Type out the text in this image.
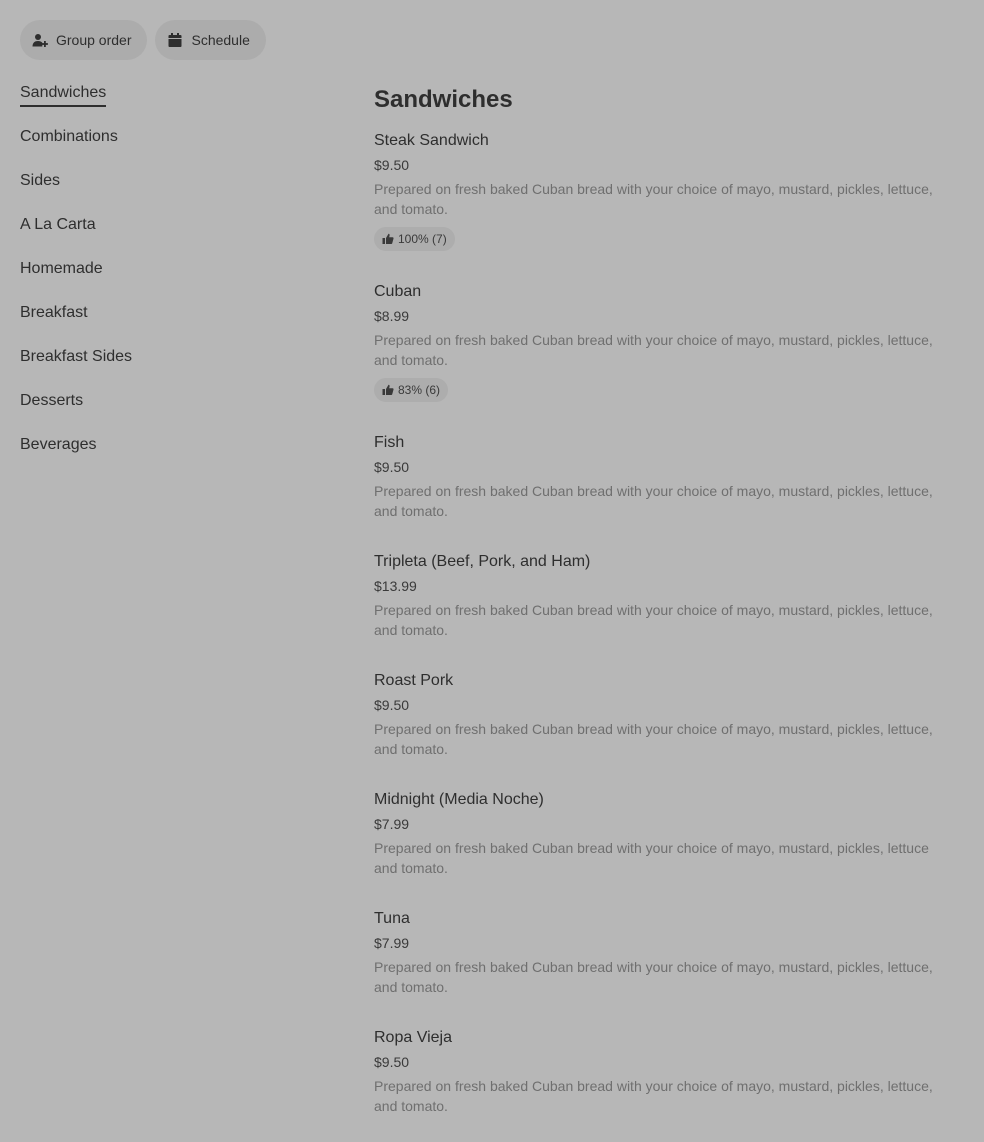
Group order	Schedule
Sandwiches
Combinations
Sides
A La Carta
Homemade
Breakfast
Breakfast Sides
Desserts
Beverages
Sandwiches
Steak Sandwich
$9.50
Prepared on fresh baked Cuban bread with your choice of mayo, mustard, pickles, lettuce, and tomato.
100% (7)
Cuban
$8.99
Prepared on fresh baked Cuban bread with your choice of mayo, mustard, pickles, lettuce, and tomato.
83% (6)
Fish
$9.50
Prepared on fresh baked Cuban bread with your choice of mayo, mustard, pickles, lettuce, and tomato.
Tripleta (Beef, Pork, and Ham)
$13.99
Prepared on fresh baked Cuban bread with your choice of mayo, mustard, pickles, lettuce, and tomato.
Roast Pork
$9.50
Prepared on fresh baked Cuban bread with your choice of mayo, mustard, pickles, lettuce, and tomato.
Midnight (Media Noche)
$7.99
Prepared on fresh baked Cuban bread with your choice of mayo, mustard, pickles, lettuce and tomato.
Tuna
$7.99
Prepared on fresh baked Cuban bread with your choice of mayo, mustard, pickles, lettuce, and tomato.
Ropa Vieja
$9.50
Prepared on fresh baked Cuban bread with your choice of mayo, mustard, pickles, lettuce, and tomato.
